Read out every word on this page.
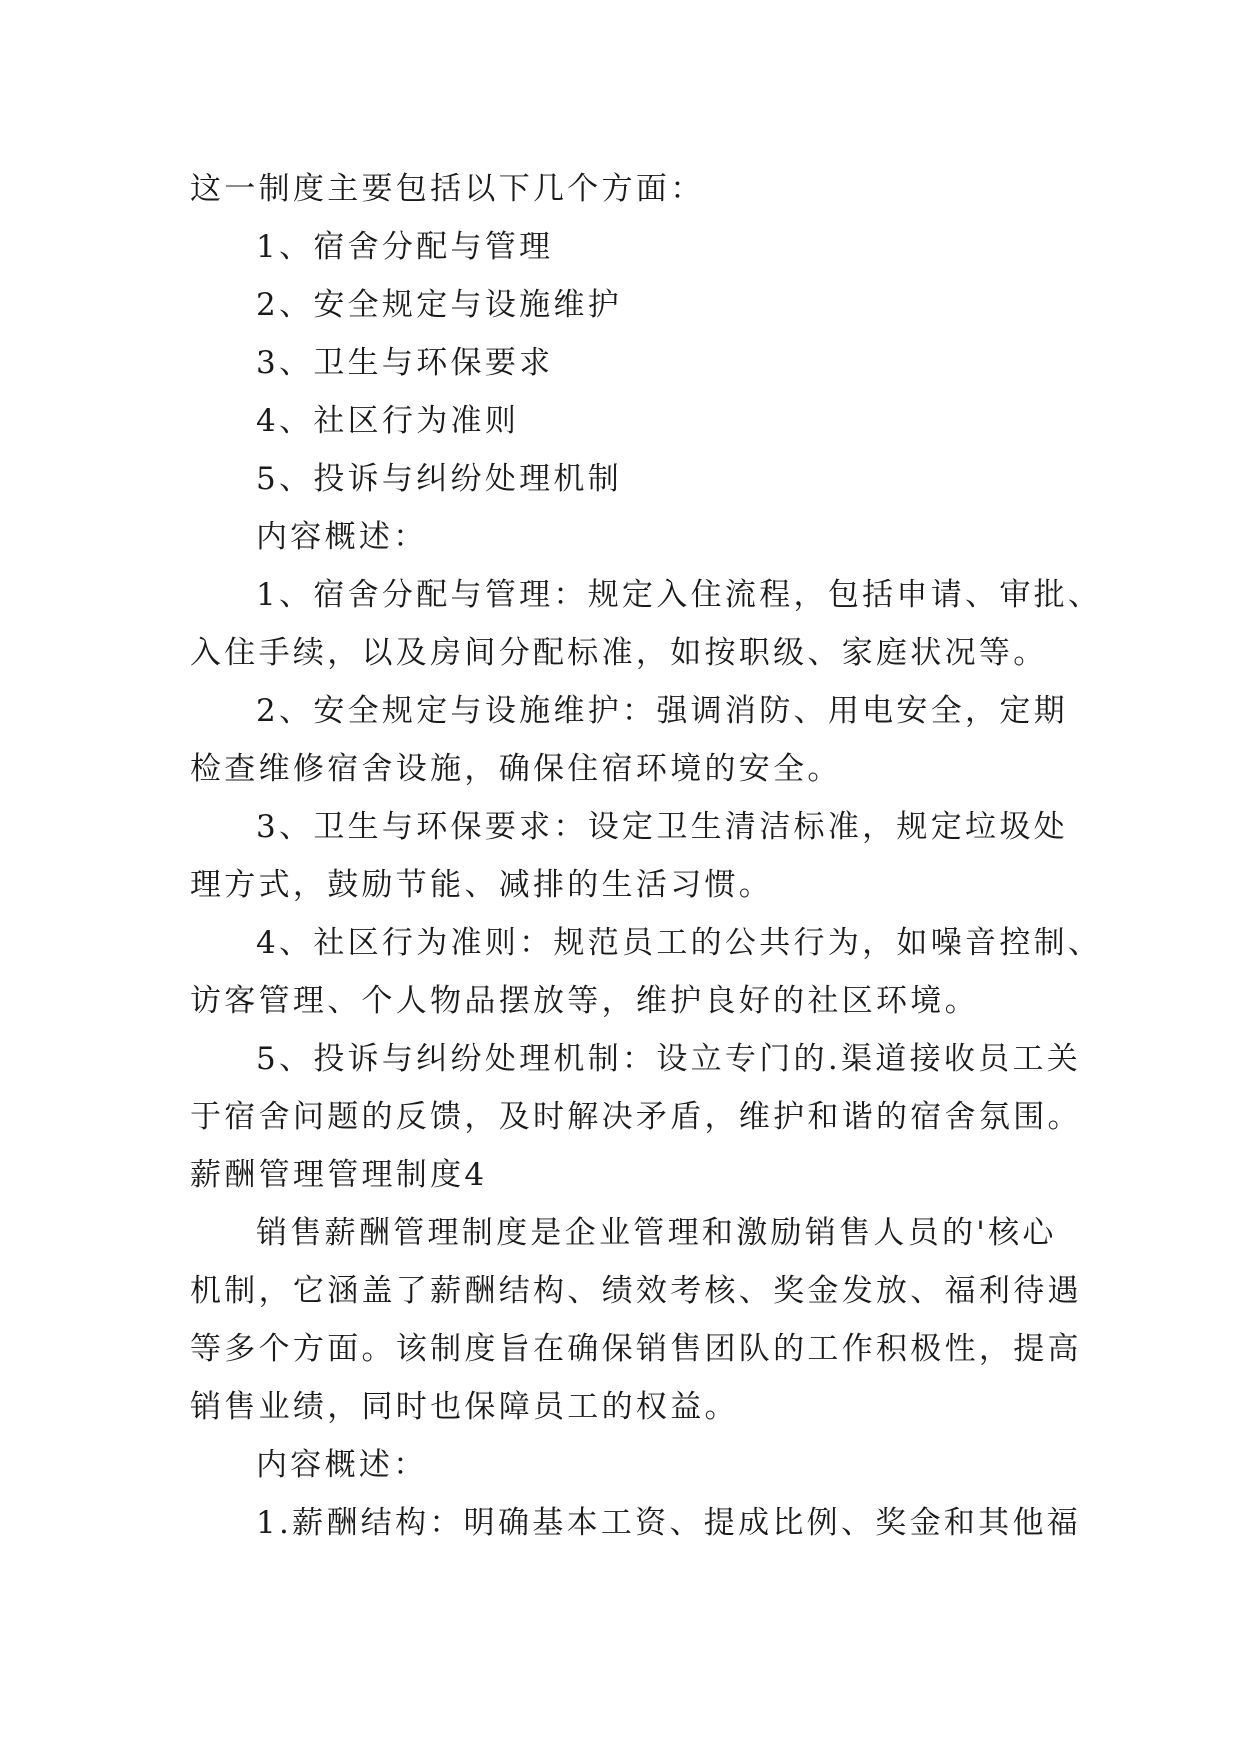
这一制度主要包括以下几个方面：
1、宿舍分配与管理
2、安全规定与设施维护
3、卫生与环保要求
4、社区行为准则
5、投诉与纠纷处理机制
内容概述：
1、宿舍分配与管理：规定入住流程，包括申请、审批、
入住手续，以及房间分配标准，如按职级、家庭状况等。
2、安全规定与设施维护：强调消防、用电安全，定期
检查维修宿舍设施，确保住宿环境的安全。
3、卫生与环保要求：设定卫生清洁标准，规定垃圾处
理方式，鼓励节能、减排的生活习惯。
4、社区行为准则：规范员工的公共行为，如噪音控制、
访客管理、个人物品摆放等，维护良好的社区环境。
5、投诉与纠纷处理机制：设立专门的.渠道接收员工关
于宿舍问题的反馈，及时解决矛盾，维护和谐的宿舍氛围。
薪酬管理管理制度4
销售薪酬管理制度是企业管理和激励销售人员的'核心
机制，它涵盖了薪酬结构、绩效考核、奖金发放、福利待遇
等多个方面。该制度旨在确保销售团队的工作积极性，提高
销售业绩，同时也保障员工的权益。
内容概述：
1.薪酬结构：明确基本工资、提成比例、奖金和其他福
